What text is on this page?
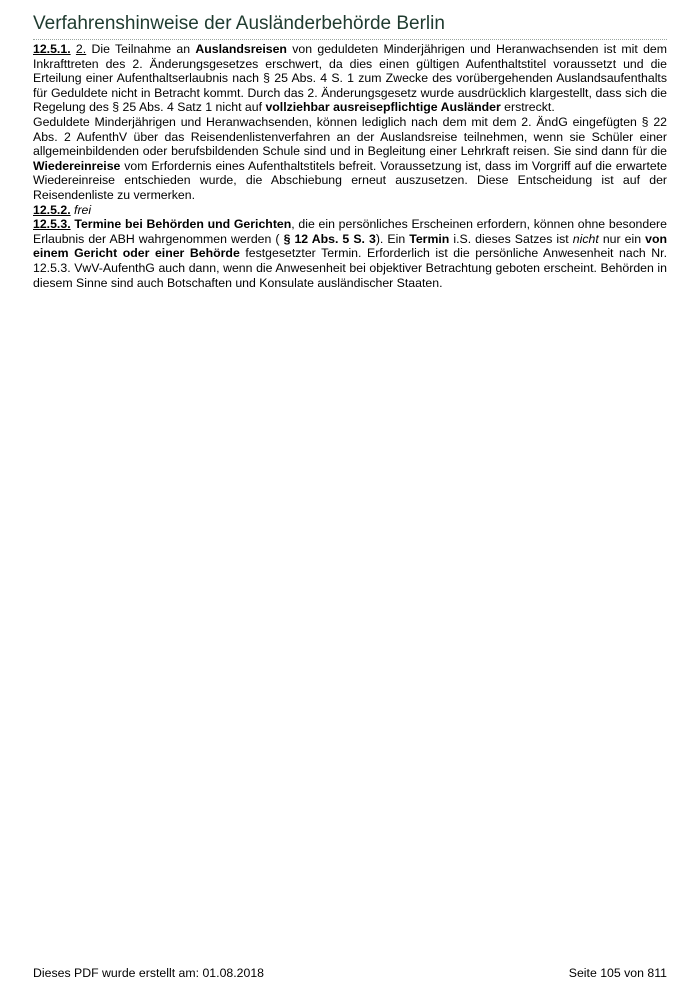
Verfahrenshinweise der Ausländerbehörde Berlin

12.5.1. 2. Die Teilnahme an Auslandsreisen von geduldeten Minderjährigen und Heranwachsenden ist mit dem Inkrafttreten des 2. Änderungsgesetzes erschwert, da dies einen gültigen Aufenthaltstitel voraussetzt und die Erteilung einer Aufenthaltserlaubnis nach § 25 Abs. 4 S. 1 zum Zwecke des vorübergehenden Auslandsaufenthalts für Geduldete nicht in Betracht kommt. Durch das 2. Änderungsgesetz wurde ausdrücklich klargestellt, dass sich die Regelung des § 25 Abs. 4 Satz 1 nicht auf vollziehbar ausreisepflichtige Ausländer erstreckt.

Geduldete Minderjährigen und Heranwachsenden, können lediglich nach dem mit dem 2. ÄndG eingefügten § 22 Abs. 2 AufenthV über das Reisendenlistenverfahren an der Auslandsreise teilnehmen, wenn sie Schüler einer allgemeinbildenden oder berufsbildenden Schule sind und in Begleitung einer Lehrkraft reisen. Sie sind dann für die Wiedereinreise vom Erfordernis eines Aufenthaltstitels befreit. Voraussetzung ist, dass im Vorgriff auf die erwartete Wiedereinreise entschieden wurde, die Abschiebung erneut auszusetzen. Diese Entscheidung ist auf der Reisendenliste zu vermerken.

12.5.2. frei

12.5.3. Termine bei Behörden und Gerichten, die ein persönliches Erscheinen erfordern, können ohne besondere Erlaubnis der ABH wahrgenommen werden ( § 12 Abs. 5 S. 3). Ein Termin i.S. dieses Satzes ist nicht nur ein von einem Gericht oder einer Behörde festgesetzter Termin. Erforderlich ist die persönliche Anwesenheit nach Nr. 12.5.3. VwV-AufenthG auch dann, wenn die Anwesenheit bei objektiver Betrachtung geboten erscheint. Behörden in diesem Sinne sind auch Botschaften und Konsulate ausländischer Staaten.

Dieses PDF wurde erstellt am: 01.08.2018	Seite 105 von 811
